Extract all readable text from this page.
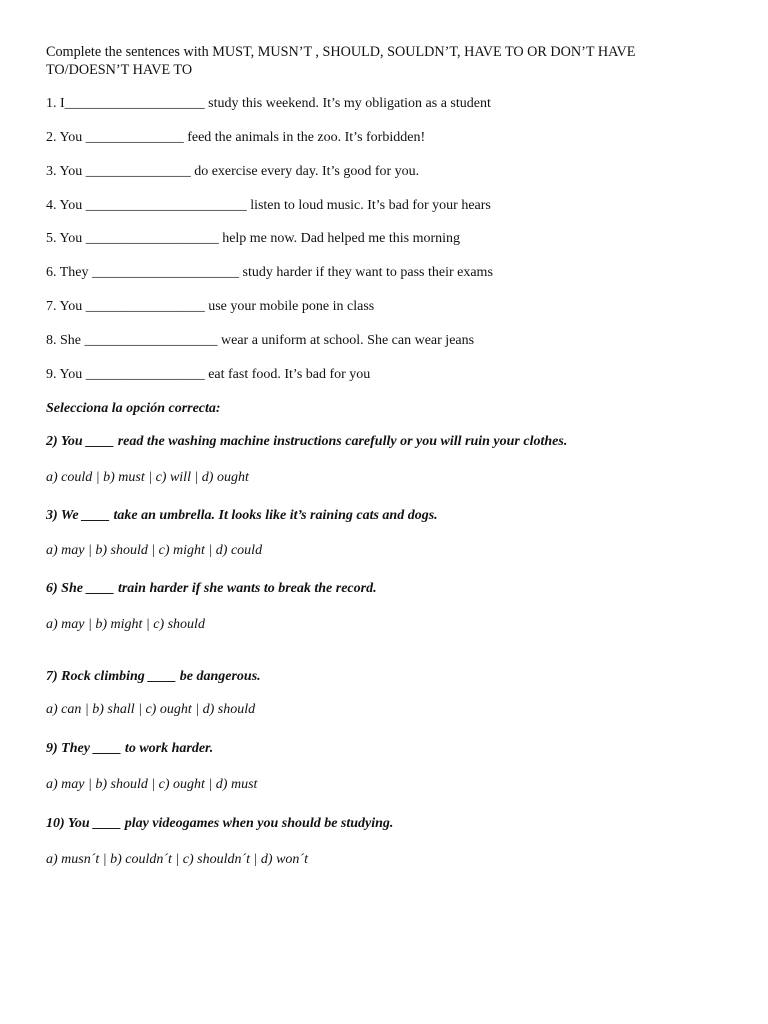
Complete the sentences with MUST, MUSN’T , SHOULD, SOULDN’T, HAVE TO OR DON’T HAVE TO/DOESN’T HAVE TO
1. I____________________ study this weekend. It’s my obligation as a student
2. You ______________ feed the animals in the zoo. It’s forbidden!
3. You _______________ do exercise every day. It’s good for you.
4. You _______________________ listen to loud music. It’s bad for your hears
5. You ___________________ help me now. Dad helped me this morning
6. They _____________________ study harder if they want to pass their exams
7. You _________________ use your mobile pone in class
8. She ___________________ wear a uniform at school. She can wear jeans
9. You _________________ eat fast food. It’s bad for you
Selecciona la opción correcta:
2) You ____ read the washing machine instructions carefully or you will ruin your clothes.
a) could | b) must | c) will | d) ought
3) We ____ take an umbrella. It looks like it’s raining cats and dogs.
a) may | b) should | c) might | d) could
6) She ____ train harder if she wants to break the record.
a) may | b) might | c) should
7) Rock climbing ____ be dangerous.
a) can | b) shall | c) ought | d) should
9) They ____ to work harder.
a) may | b) should | c) ought | d) must
10) You ____ play videogames when you should be studying.
a) musn´t | b) couldn´t | c) shouldn´t | d) won´t
